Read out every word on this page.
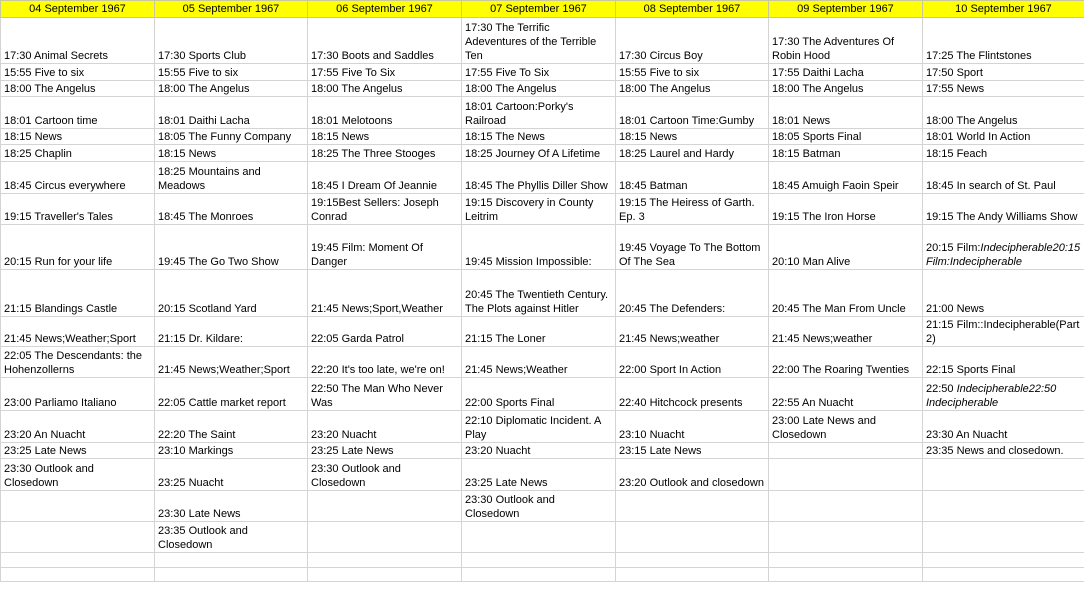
04 September 1967	05 September 1967	06 September 1967	07 September 1967	08 September 1967	09 September 1967	10 September 1967
17:30 Animal Secrets	17:30 Sports Club	17:30 Boots and Saddles	17:30 The Terrific Adeventures of the Terrible Ten	17:30 Circus Boy	17:30 The Adventures Of Robin Hood	17:25 The Flintstones
15:55 Five to six	15:55 Five to six	17:55 Five To Six	17:55 Five To Six	15:55 Five to six	17:55 Daithi Lacha	17:50 Sport
18:00 The Angelus	18:00 The Angelus	18:00 The Angelus	18:00 The Angelus	18:00 The Angelus	18:00 The Angelus	17:55 News
18:01 Cartoon time	18:01 Daithi Lacha	18:01 Melotoons	18:01 Cartoon:Porky's Railroad	18:01 Cartoon Time:Gumby	18:01 News	18:00 The Angelus
18:15 News	18:05 The Funny Company	18:15 News	18:15 The News	18:15 News	18:05 Sports Final	18:01 World In Action
18:25 Chaplin	18:15 News	18:25 The Three Stooges	18:25 Journey Of A Lifetime	18:25 Laurel and Hardy	18:15 Batman	18:15 Feach
18:45 Circus everywhere	18:25 Mountains and Meadows	18:45 I Dream Of Jeannie	18:45 The Phyllis Diller Show	18:45 Batman	18:45 Amuigh Faoin Speir	18:45 In search of St. Paul
19:15 Traveller's Tales	18:45 The Monroes	19:15Best Sellers: Joseph Conrad	19:15 Discovery in County Leitrim	19:15 The Heiress of Garth. Ep. 3	19:15 The Iron Horse	19:15 The Andy Williams Show
20:15 Run for your life	19:45 The Go Two Show	19:45 Film: Moment Of Danger	19:45 Mission Impossible:	19:45 Voyage To The Bottom Of The Sea	20:10 Man Alive	20:15 Film:Indecipherable20:15 Film:Indecipherable
21:15 Blandings Castle	20:15 Scotland Yard	21:45 News;Sport,Weather	20:45 The Twentieth Century. The Plots against Hitler	20:45 The Defenders:	20:45 The Man From Uncle	21:00 News
21:45 News;Weather;Sport	21:15 Dr. Kildare:	22:05 Garda Patrol	21:15 The Loner	21:45 News;weather	21:45 News;weather	21:15 Film::Indecipherable(Part 2)
22:05 The Descendants: the Hohenzollerns	21:45 News;Weather;Sport	22:20 It's too late, we're on!	21:45 News;Weather	22:00 Sport In Action	22:00 The Roaring Twenties	22:15 Sports Final
23:00 Parliamo Italiano	22:05 Cattle market report	22:50 The Man Who Never Was	22:00 Sports Final	22:40 Hitchcock presents	22:55 An Nuacht	22:50 Indecipherable22:50 Indecipherable
23:20 An Nuacht	22:20 The Saint	23:20 Nuacht	22:10 Diplomatic Incident. A Play	23:10 Nuacht	23:00 Late News and Closedown	23:30 An Nuacht
23:25 Late News	23:10 Markings	23:25 Late News	23:20 Nuacht	23:15 Late News		23:35 News and closedown.
23:30 Outlook and Closedown	23:25 Nuacht	23:30 Outlook and Closedown	23:25 Late News	23:20 Outlook and closedown		
	23:30 Late News		23:30 Outlook and Closedown			
	23:35 Outlook and Closedown					
